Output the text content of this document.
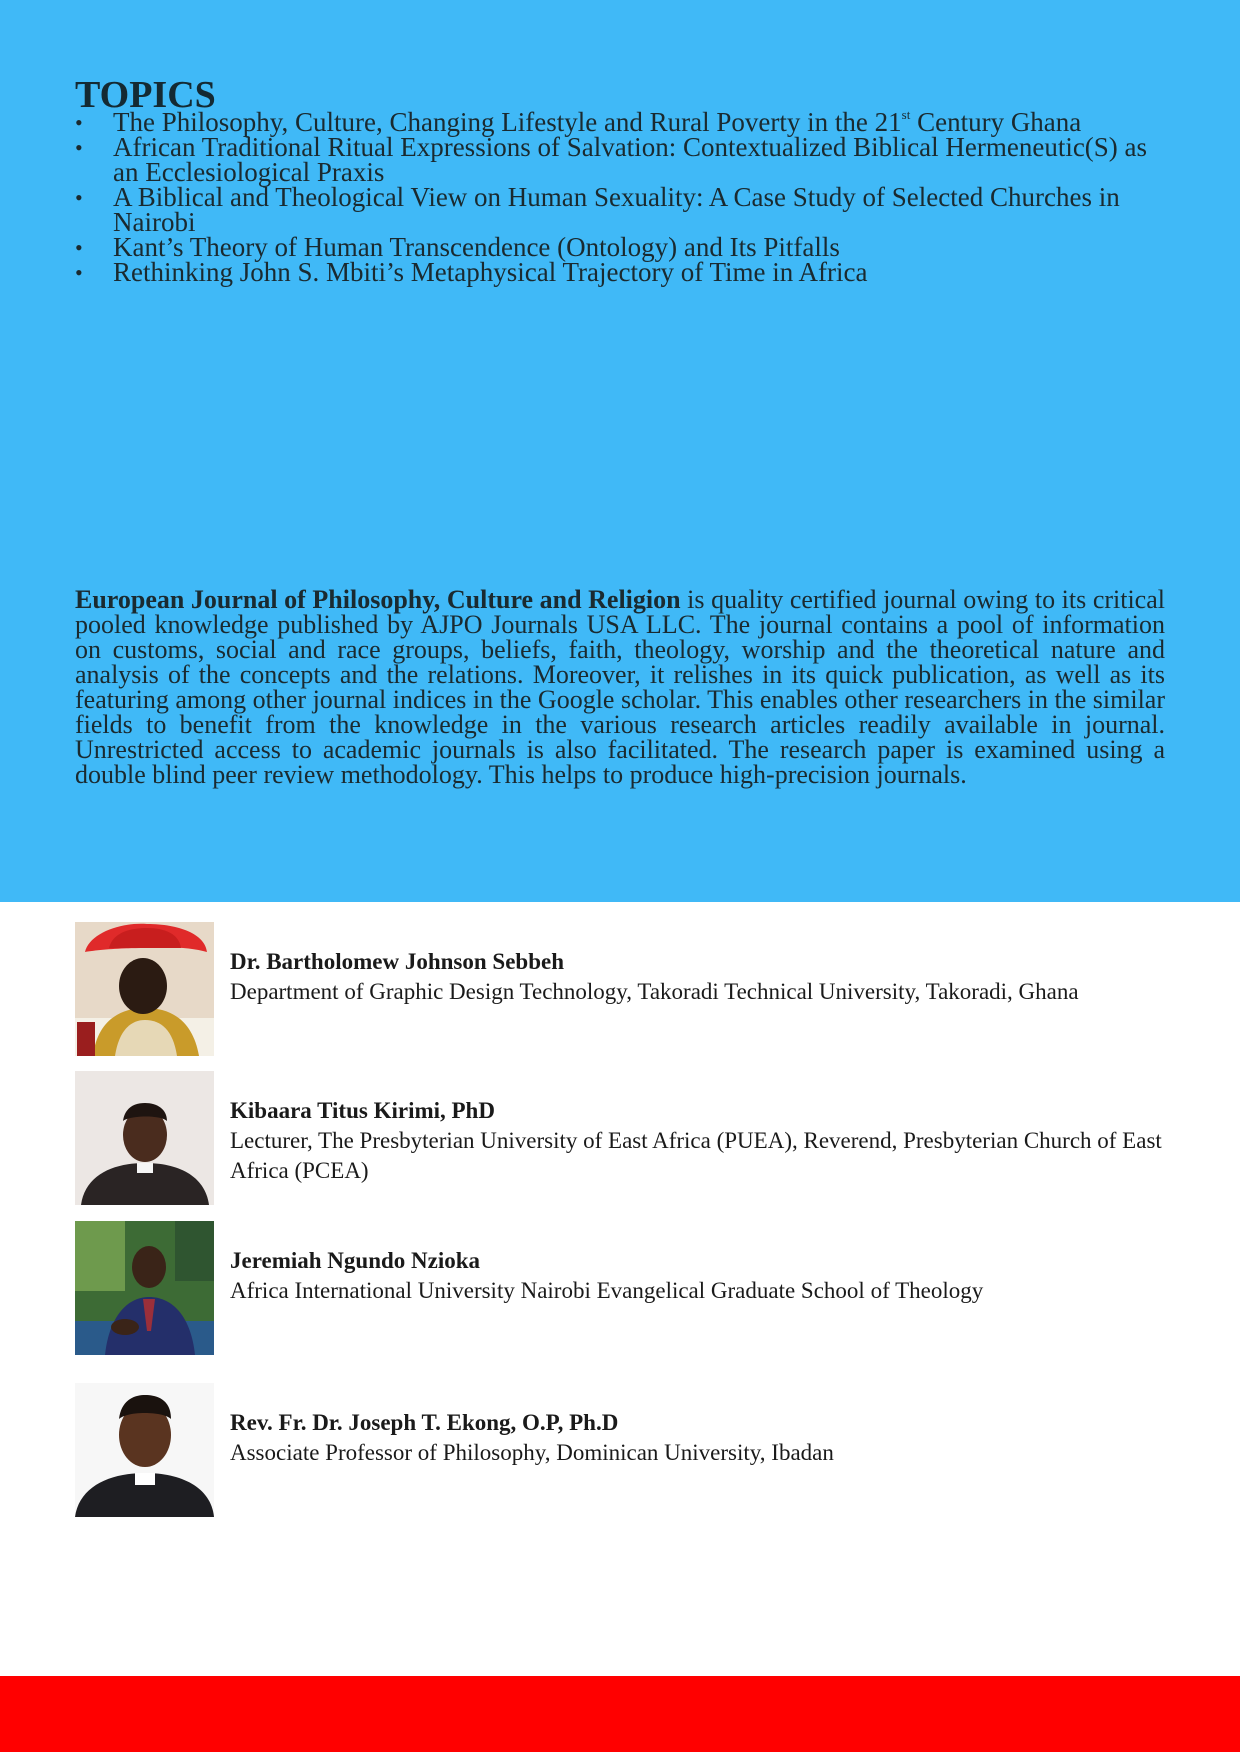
TOPICS
• The Philosophy, Culture, Changing Lifestyle and Rural Poverty in the 21st Century Ghana
• African Traditional Ritual Expressions of Salvation: Contextualized Biblical Hermeneutic(S) as an Ecclesiological Praxis
• A Biblical and Theological View on Human Sexuality: A Case Study of Selected Churches in Nairobi
• Kant’s Theory of Human Transcendence (Ontology) and Its Pitfalls
• Rethinking John S. Mbiti’s Metaphysical Trajectory of Time in Africa

European Journal of Philosophy, Culture and Religion is quality certified journal owing to its critical pooled knowledge published by AJPO Journals USA LLC. The journal contains a pool of information on customs, social and race groups, beliefs, faith, theology, worship and the theoretical nature and analysis of the concepts and the relations. Moreover, it relishes in its quick publication, as well as its featuring among other journal indices in the Google scholar. This enables other researchers in the similar fields to benefit from the knowledge in the various research articles readily available in journal. Unrestricted access to academic journals is also facilitated. The research paper is examined using a double blind peer review methodology. This helps to produce high-precision journals.

Dr. Bartholomew Johnson Sebbeh
Department of Graphic Design Technology, Takoradi Technical University, Takoradi, Ghana
Kibaara Titus Kirimi, PhD
Lecturer, The Presbyterian University of East Africa (PUEA), Reverend, Presbyterian Church of East Africa (PCEA)
Jeremiah Ngundo Nzioka
Africa International University Nairobi Evangelical Graduate School of Theology
Rev. Fr. Dr. Joseph T. Ekong, O.P, Ph.D
Associate Professor of Philosophy, Dominican University, Ibadan
